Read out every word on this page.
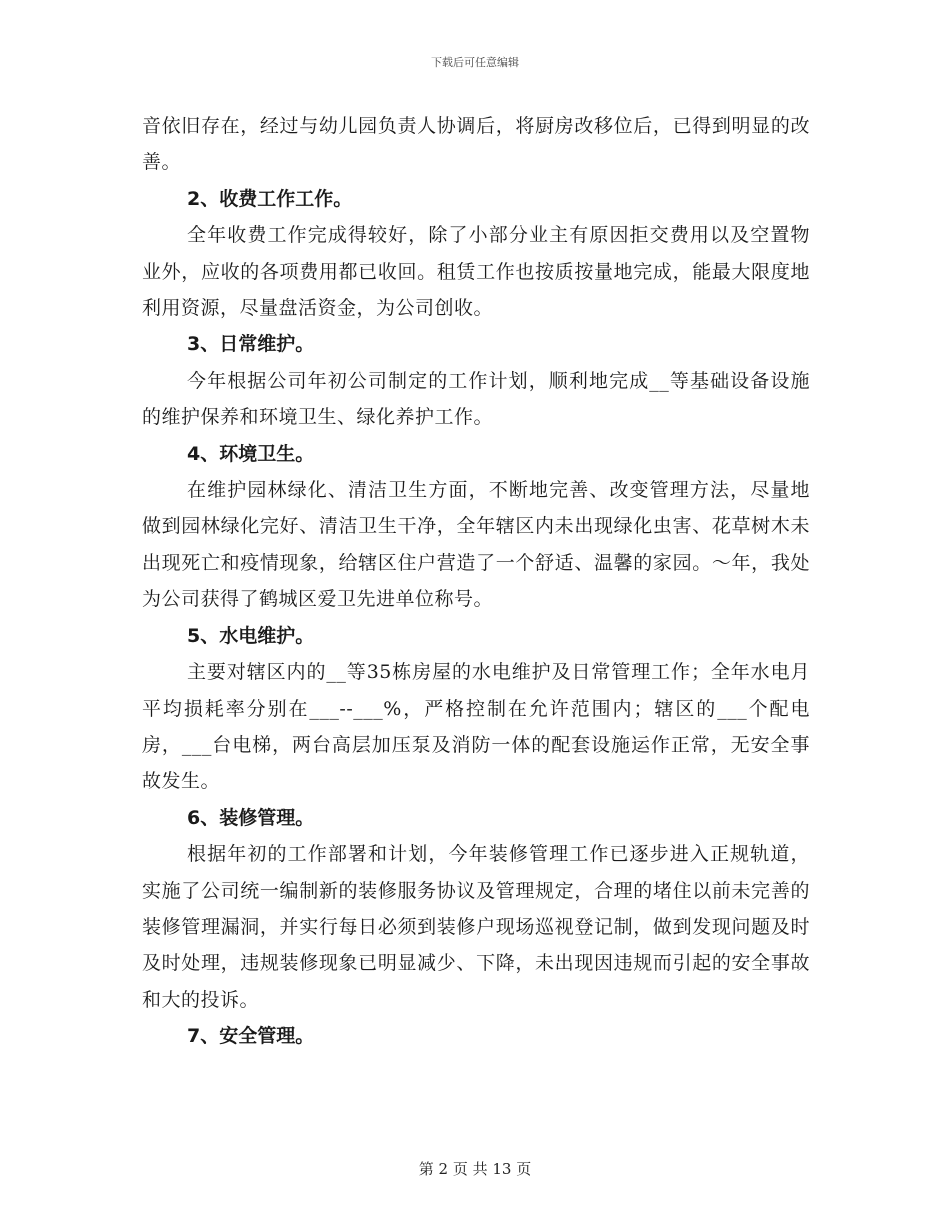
下载后可任意编辑

音依旧存在，经过与幼儿园负责人协调后，将厨房改移位后，已得到明显的改善。

2、收费工作工作。

全年收费工作完成得较好，除了小部分业主有原因拒交费用以及空置物业外，应收的各项费用都已收回。租赁工作也按质按量地完成，能最大限度地利用资源，尽量盘活资金，为公司创收。

3、日常维护。

今年根据公司年初公司制定的工作计划，顺利地完成__等基础设备设施的维护保养和环境卫生、绿化养护工作。

4、环境卫生。

在维护园林绿化、清洁卫生方面，不断地完善、改变管理方法，尽量地做到园林绿化完好、清洁卫生干净，全年辖区内未出现绿化虫害、花草树木未出现死亡和疫情现象，给辖区住户营造了一个舒适、温馨的家园。～年，我处为公司获得了鹤城区爱卫先进单位称号。

5、水电维护。

主要对辖区内的__等35栋房屋的水电维护及日常管理工作；全年水电月平均损耗率分别在___--___%，严格控制在允许范围内；辖区的___个配电房，___台电梯，两台高层加压泵及消防一体的配套设施运作正常，无安全事故发生。

6、装修管理。

根据年初的工作部署和计划，今年装修管理工作已逐步进入正规轨道，实施了公司统一编制新的装修服务协议及管理规定，合理的堵住以前未完善的装修管理漏洞，并实行每日必须到装修户现场巡视登记制，做到发现问题及时及时处理，违规装修现象已明显减少、下降，未出现因违规而引起的安全事故和大的投诉。

7、安全管理。

第 2 页 共 13 页
